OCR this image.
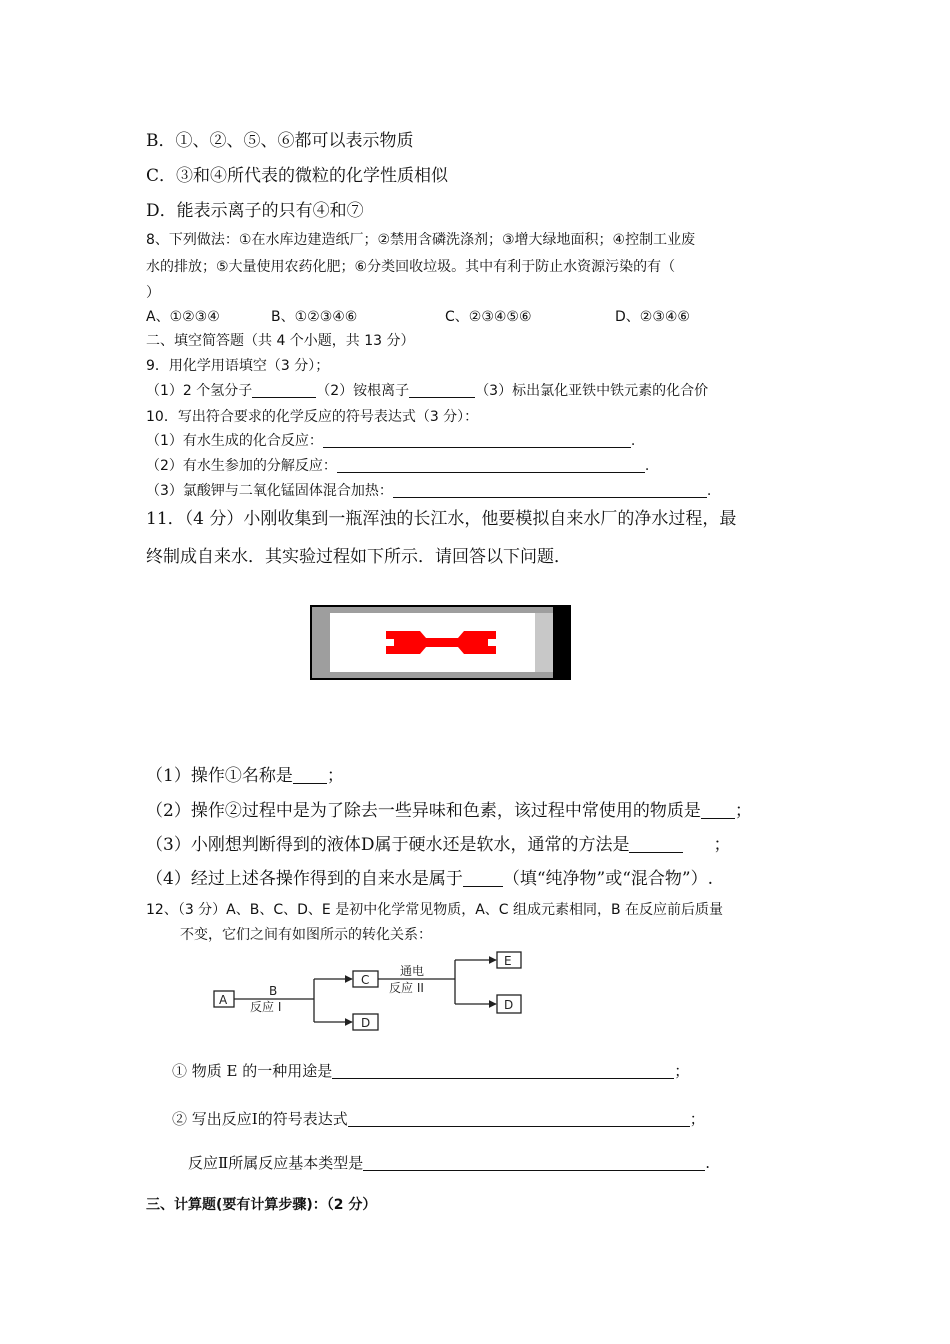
B．①、②、⑤、⑥都可以表示物质
C．③和④所代表的微粒的化学性质相似
D．能表示离子的只有④和⑦
8、下列做法：①在水库边建造纸厂；②禁用含磷洗涤剂；③增大绿地面积；④控制工业废
水的排放；⑤大量使用农药化肥；⑥分类回收垃圾。其中有利于防止水资源污染的有（
）
A、①②③④	B、①②③④⑥	C、②③④⑤⑥	D、②③④⑥
二、填空简答题（共 4 个小题，共 13 分）
9．用化学用语填空（3 分）；
（1）2 个氢分子	（2）铵根离子	（3）标出氯化亚铁中铁元素的化合价
10．写出符合要求的化学反应的符号表达式（3 分）：
（1）有水生成的化合反应：	.
（2）有水生参加的分解反应：	.
（3）氯酸钾与二氧化锰固体混合加热：	.
11．（4 分）小刚收集到一瓶浑浊的长江水，他要模拟自来水厂的净水过程，最
终制成自来水．其实验过程如下所示．请回答以下问题．
（1）操作①名称是 ；
（2）操作②过程中是为了除去一些异味和色素，该过程中常使用的物质是 ；
（3）小刚想判断得到的液体D属于硬水还是软水，通常的方法是	；
（4）经过上述各操作得到的自来水是属于 （填“纯净物”或“混合物”）.
12、（3 分）A、B、C、D、E 是初中化学常见物质，A、C 组成元素相同，B 在反应前后质量
不变，它们之间有如图所示的转化关系：
A
C
D
E
D
B
反应 I
通电
反应 II
① 物质 E 的一种用途是	；
② 写出反应Ⅰ的符号表达式	；
反应Ⅱ所属反应基本类型是	.
三、计算题(要有计算步骤)：（2 分）
